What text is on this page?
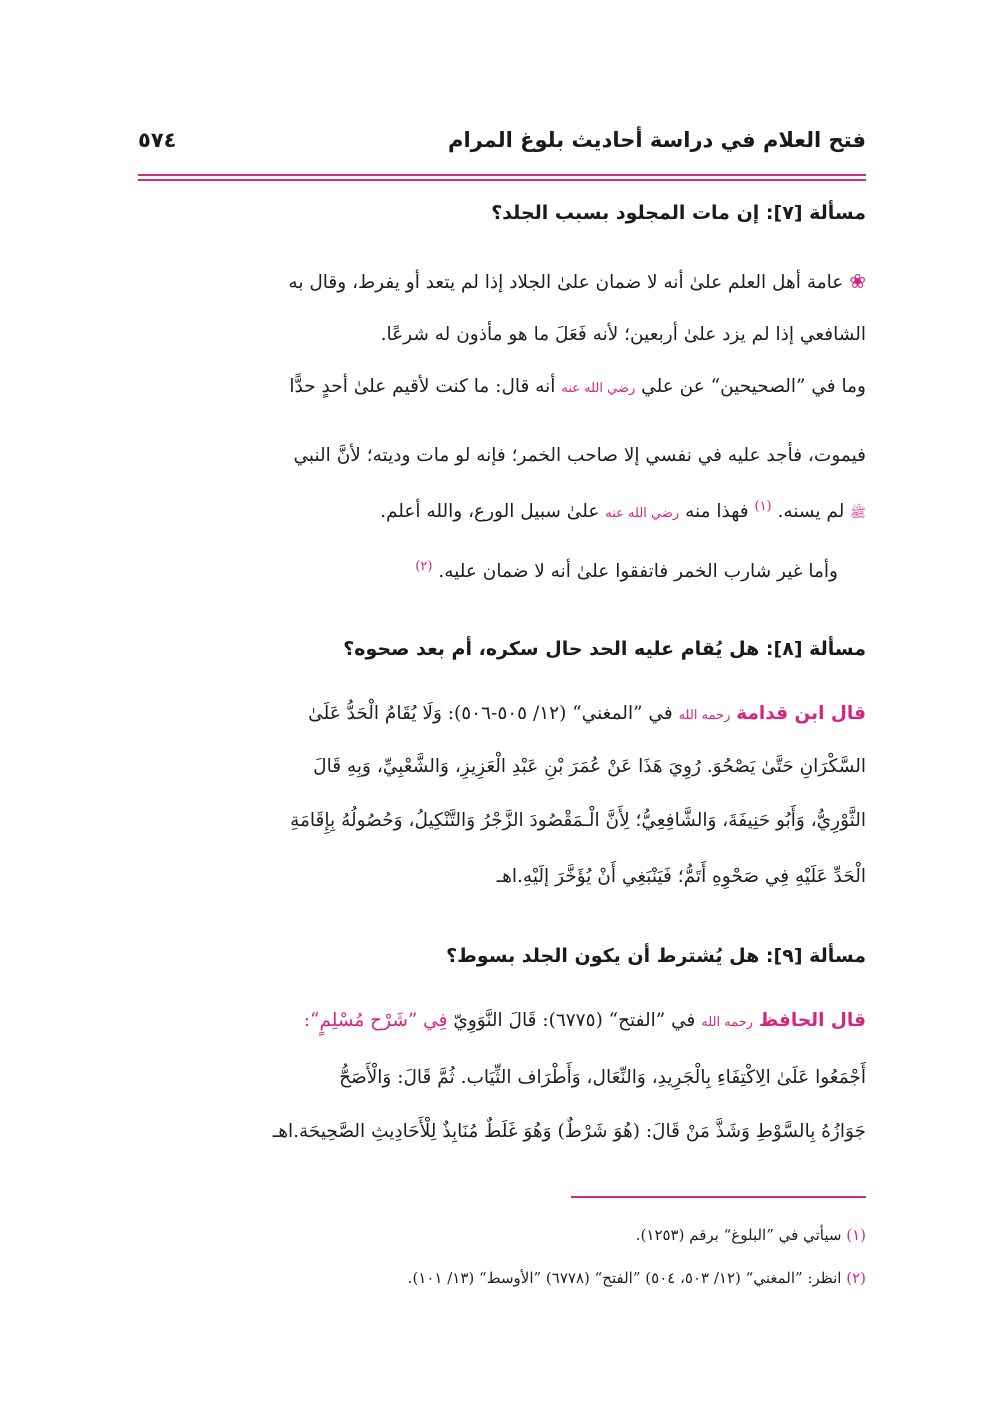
فتح العلام في دراسة أحاديث بلوغ المرام
٥٧٤
مسألة [٧]: إن مات المجلود بسبب الجلد؟
❀ عامة أهل العلم علىٰ أنه لا ضمان علىٰ الجلاد إذا لم يتعد أو يفرط، وقال به
الشافعي إذا لم يزد علىٰ أربعين؛ لأنه فَعَلَ ما هو مأذون له شرعًا.
وما في ”الصحيحين“ عن علي رضي الله عنه أنه قال: ما كنت لأقيم علىٰ أحدٍ حدًّا
فيموت، فأجد عليه في نفسي إلا صاحب الخمر؛ فإنه لو مات وديته؛ لأنَّ النبي
ﷺ لم يسنه. $^{(١)}$ فهذا منه رضي الله عنه علىٰ سبيل الورع، والله أعلم.
وأما غير شارب الخمر فاتفقوا علىٰ أنه لا ضمان عليه. $^{(٢)}$
مسألة [٨]: هل يُقام عليه الحد حال سكره، أم بعد صحوه؟
قال ابن قدامة رحمه الله في ”المغني“ (١٢/ ٥٠٥-٥٠٦): وَلَا يُقَامُ الْحَدُّ عَلَىٰ
السَّكْرَانِ حَتَّىٰ يَصْحُوَ. رُوِيَ هَذَا عَنْ عُمَرَ بْنِ عَبْدِ الْعَزِيزِ، وَالشَّعْبِيِّ، وَبِهِ قَالَ
الثَّوْرِيُّ، وَأَبُو حَنِيفَةَ، وَالشَّافِعِيُّ؛ لِأَنَّ الْـمَقْصُودَ الزَّجْرُ وَالتَّنْكِيلُ، وَحُصُولُهُ بِإِقَامَةِ
الْحَدِّ عَلَيْهِ فِي صَحْوِهِ أَتَمُّ؛ فَيَنْبَغِي أَنْ يُؤَخَّرَ إلَيْهِ.اهـ
مسألة [٩]: هل يُشترط أن يكون الجلد بسوط؟
قال الحافظ رحمه الله في ”الفتح“ (٦٧٧٥): قَالَ النَّوَوِيّ فِي ”شَرْح مُسْلِمٍ“:
أَجْمَعُوا عَلَىٰ الِاكْتِفَاءِ بِالْجَرِيدِ، وَالنِّعَال، وَأَطْرَاف الثِّيَاب. ثُمَّ قَالَ: وَالْأَصَحُّ
جَوَازُهُ بِالسَّوْطِ وَشَذَّ مَنْ قَالَ: (هُوَ شَرْطٌ) وَهُوَ غَلَطٌ مُنَابِذٌ لِلْأَحَادِيثِ الصَّحِيحَة.اهـ
(١) سيأتي في ”البلوغ“ برقم (١٢٥٣).
(٢) انظر: ”المغني“ (١٢/ ٥٠٣، ٥٠٤) ”الفتح“ (٦٧٧٨) ”الأوسط“ (١٣/ ١٠١).
